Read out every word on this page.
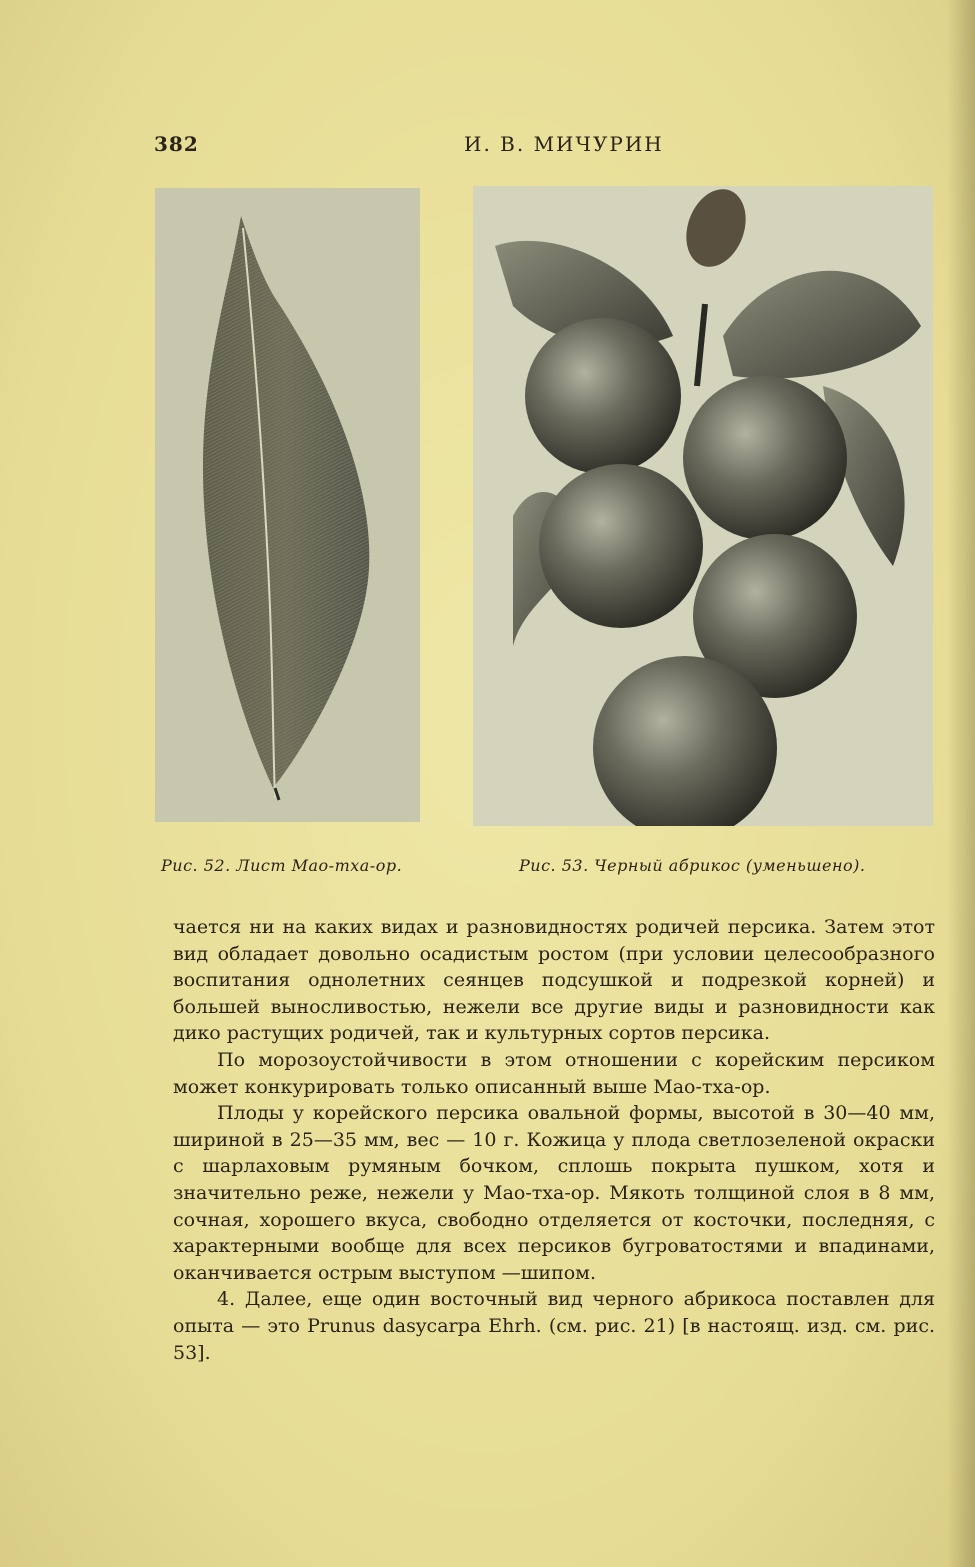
382	И. В. МИЧУРИН
Рис. 52. Лист Мао-тха-ор.	Рис. 53. Черный абрикос (уменьшено).

чается ни на каких видах и разновидностях родичей персика. Затем этот вид обладает довольно осадистым ростом (при условии целесообразного воспитания однолетних сеянцев подсушкой и подрезкой корней) и большей выносливостью, нежели все другие виды и разновидности как дико растущих родичей, так и культурных сортов персика.

По морозоустойчивости в этом отношении с корейским персиком может конкурировать только описанный выше Мао-тха-ор.

Плоды у корейского персика овальной формы, высотой в 30—40 мм, шириной в 25—35 мм, вес — 10 г. Кожица у плода светлозеленой окраски с шарлаховым румяным бочком, сплошь покрыта пушком, хотя и значительно реже, нежели у Мао-тха-ор. Мякоть толщиной слоя в 8 мм, сочная, хорошего вкуса, свободно отделяется от косточки, последняя, с характерными вообще для всех персиков бугроватостями и впадинами, оканчивается острым выступом —шипом.

4. Далее, еще один восточный вид черного абрикоса поставлен для опыта — это Prunus dasycarpa Ehrh. (см. рис. 21) [в настоящ. изд. см. рис. 53].
